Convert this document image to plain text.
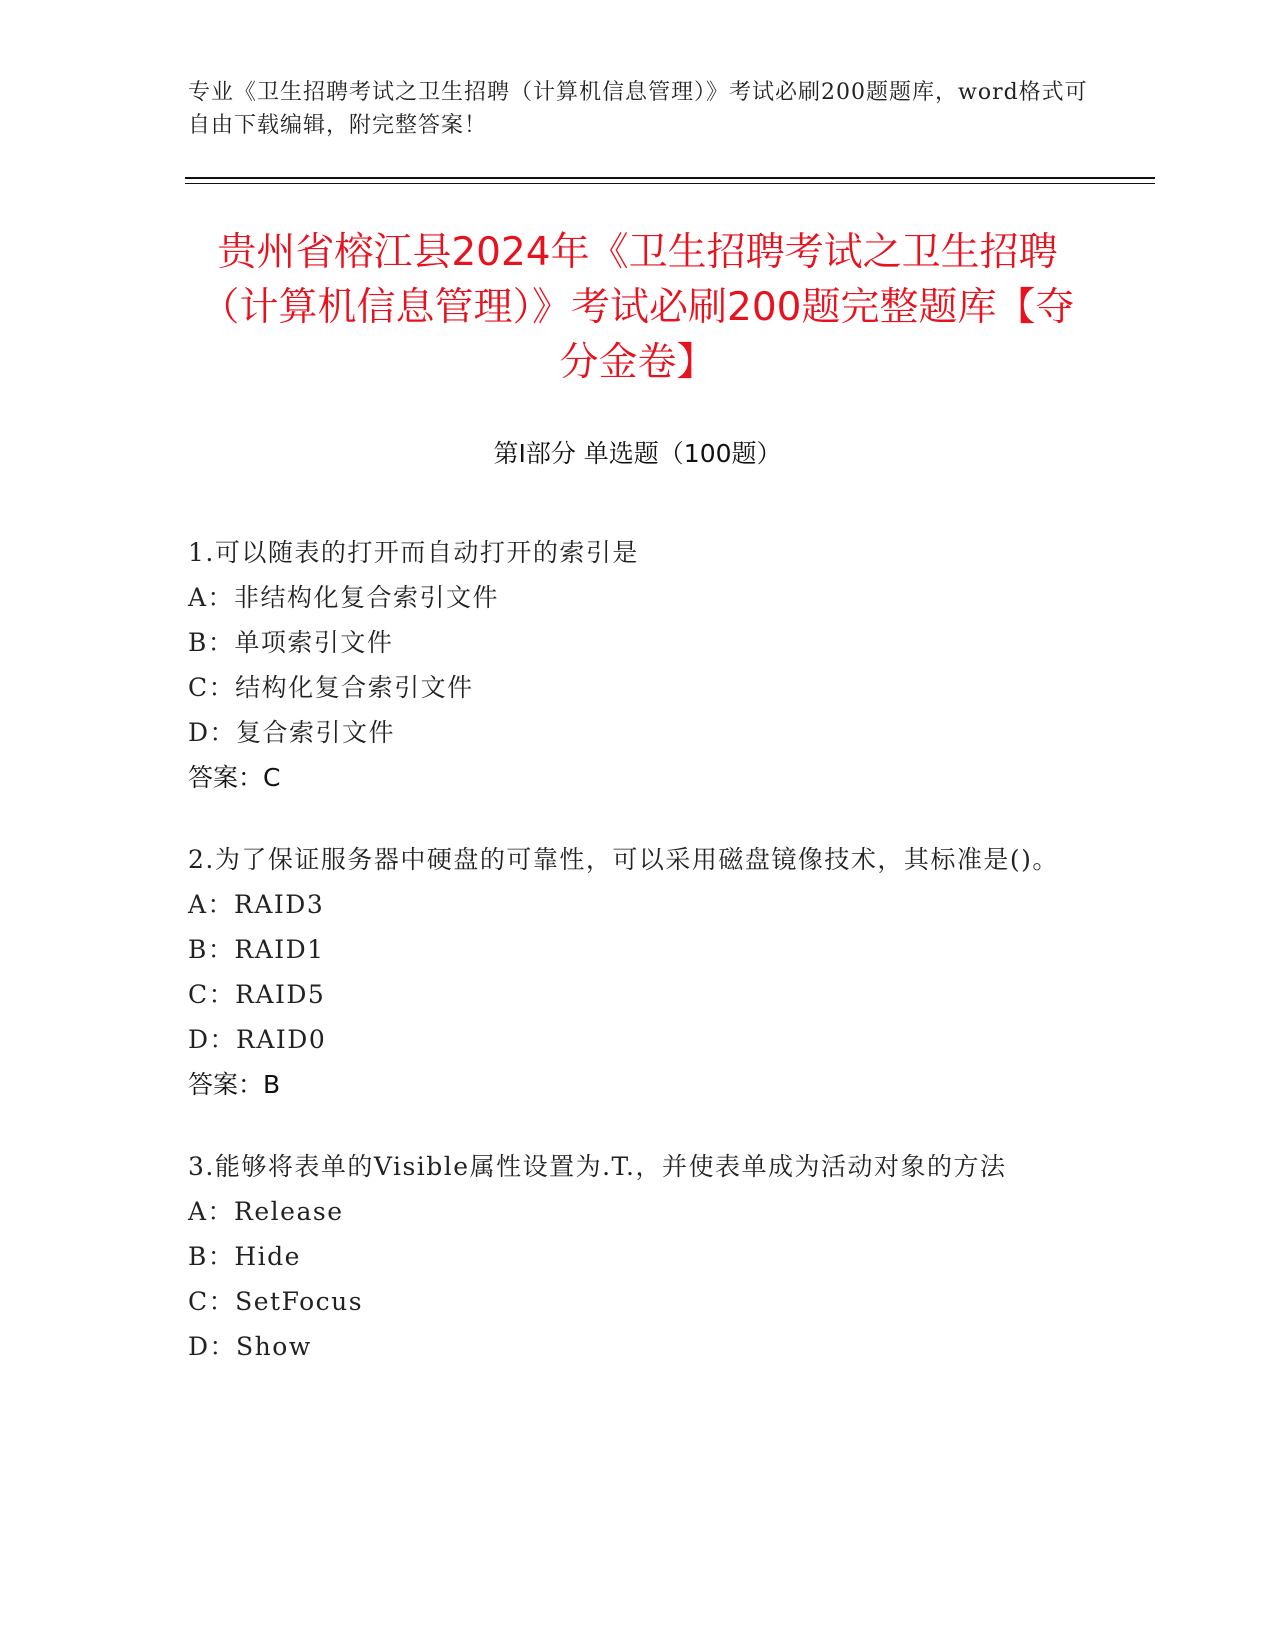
专业《卫生招聘考试之卫生招聘（计算机信息管理）》考试必刷200题题库，word格式可自由下载编辑，附完整答案！
贵州省榕江县2024年《卫生招聘考试之卫生招聘（计算机信息管理）》考试必刷200题完整题库【夺分金卷】
第Ⅰ部分 单选题（100题）
1.可以随表的打开而自动打开的索引是
A：非结构化复合索引文件
B：单项索引文件
C：结构化复合索引文件
D：复合索引文件
答案：C
2.为了保证服务器中硬盘的可靠性，可以采用磁盘镜像技术，其标准是()。
A：RAID3
B：RAID1
C：RAID5
D：RAID0
答案：B
3.能够将表单的Visible属性设置为.T.，并使表单成为活动对象的方法
A：Release
B：Hide
C：SetFocus
D：Show
